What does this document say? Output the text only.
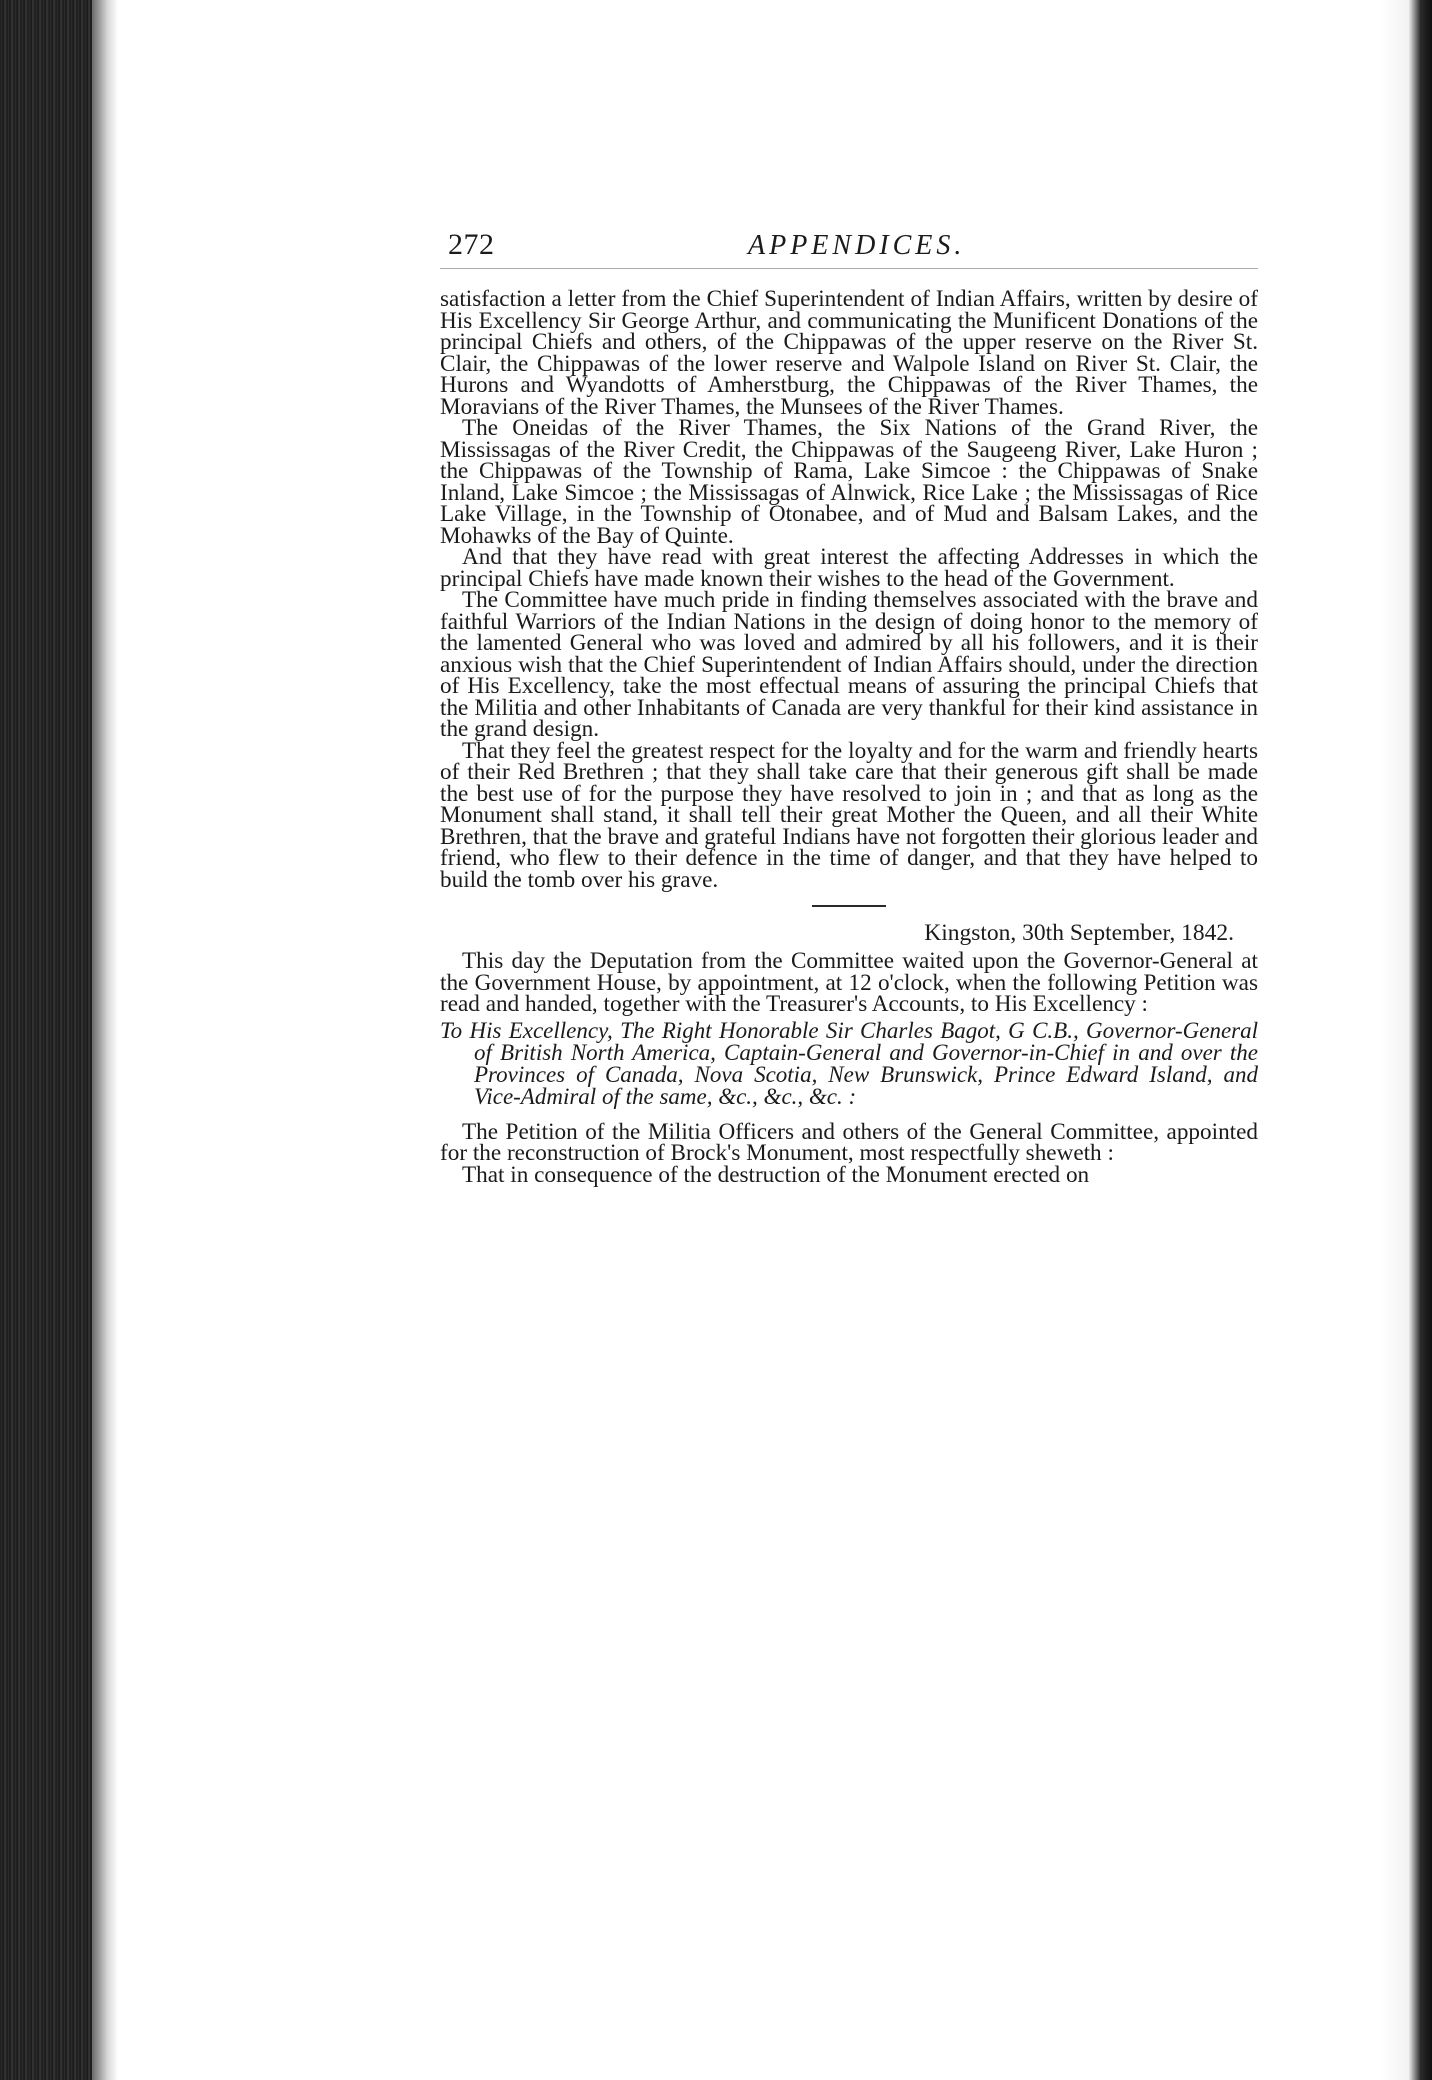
272	APPENDICES.

satisfaction a letter from the Chief Superintendent of Indian Affairs, written by desire of His Excellency Sir George Arthur, and communicating the Munificent Donations of the principal Chiefs and others, of the Chippawas of the upper reserve on the River St. Clair, the Chippawas of the lower reserve and Walpole Island on River St. Clair, the Hurons and Wyandotts of Amherstburg, the Chippawas of the River Thames, the Moravians of the River Thames, the Munsees of the River Thames.

The Oneidas of the River Thames, the Six Nations of the Grand River, the Mississagas of the River Credit, the Chippawas of the Saugeeng River, Lake Huron ; the Chippawas of the Township of Rama, Lake Simcoe : the Chippawas of Snake Inland, Lake Simcoe ; the Mississagas of Alnwick, Rice Lake ; the Mississagas of Rice Lake Village, in the Township of Otonabee, and of Mud and Balsam Lakes, and the Mohawks of the Bay of Quinte.

And that they have read with great interest the affecting Addresses in which the principal Chiefs have made known their wishes to the head of the Government.

The Committee have much pride in finding themselves associated with the brave and faithful Warriors of the Indian Nations in the design of doing honor to the memory of the lamented General who was loved and admired by all his followers, and it is their anxious wish that the Chief Superintendent of Indian Affairs should, under the direction of His Excellency, take the most effectual means of assuring the principal Chiefs that the Militia and other Inhabitants of Canada are very thankful for their kind assistance in the grand design.

That they feel the greatest respect for the loyalty and for the warm and friendly hearts of their Red Brethren ; that they shall take care that their generous gift shall be made the best use of for the purpose they have resolved to join in ; and that as long as the Monument shall stand, it shall tell their great Mother the Queen, and all their White Brethren, that the brave and grateful Indians have not forgotten their glorious leader and friend, who flew to their defence in the time of danger, and that they have helped to build the tomb over his grave.

Kingston, 30th September, 1842.

This day the Deputation from the Committee waited upon the Governor-General at the Government House, by appointment, at 12 o'clock, when the following Petition was read and handed, together with the Treasurer's Accounts, to His Excellency :

To His Excellency, The Right Honorable Sir Charles Bagot, G C.B., Governor-General of British North America, Captain-General and Governor-in-Chief in and over the Provinces of Canada, Nova Scotia, New Brunswick, Prince Edward Island, and Vice-Admiral of the same, &c., &c., &c. :

The Petition of the Militia Officers and others of the General Committee, appointed for the reconstruction of Brock's Monument, most respectfully sheweth :

That in consequence of the destruction of the Monument erected on
